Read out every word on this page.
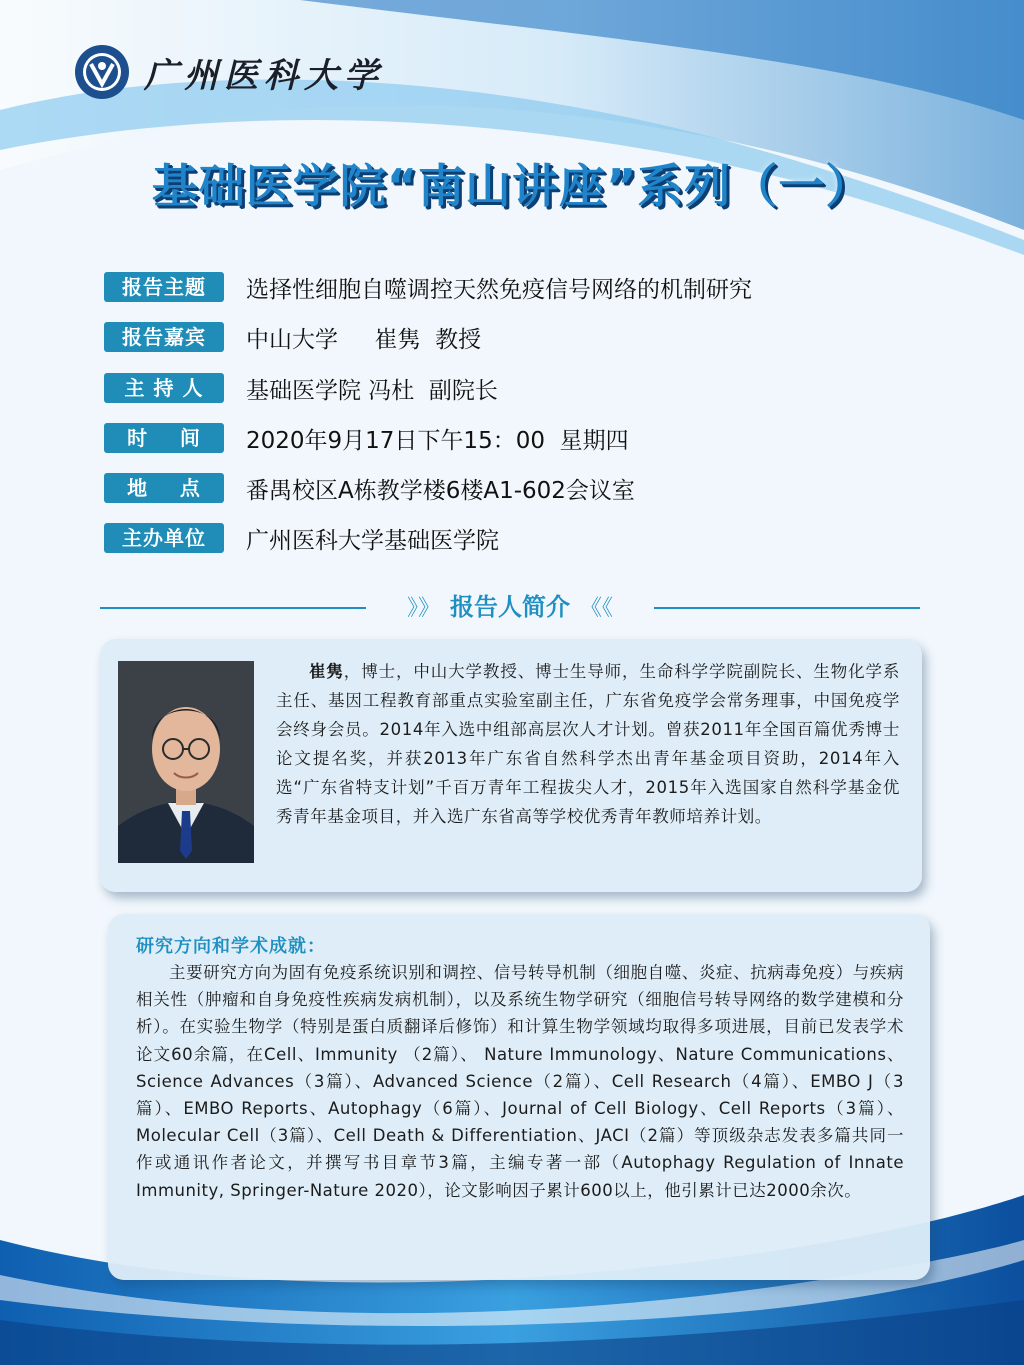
广州医科大学
基础医学院“南山讲座”系列（一）
报告主题	选择性细胞自噬调控天然免疫信号网络的机制研究
报告嘉宾	中山大学     崔隽  教授
主 持 人	基础医学院 冯杜  副院长
时    间	2020年9月17日下午15：00  星期四
地    点	番禺校区A栋教学楼6楼A1-602会议室
主办单位	广州医科大学基础医学院
》》 报告人简介 《《
崔隽，博士，中山大学教授、博士生导师，生命科学学院副院长、生物化学系主任、基因工程教育部重点实验室副主任，广东省免疫学会常务理事，中国免疫学会终身会员。2014年入选中组部高层次人才计划。曾获2011年全国百篇优秀博士论文提名奖，并获2013年广东省自然科学杰出青年基金项目资助，2014年入选“广东省特支计划”千百万青年工程拔尖人才，2015年入选国家自然科学基金优秀青年基金项目，并入选广东省高等学校优秀青年教师培养计划。
研究方向和学术成就：
主要研究方向为固有免疫系统识别和调控、信号转导机制（细胞自噬、炎症、抗病毒免疫）与疾病相关性（肿瘤和自身免疫性疾病发病机制），以及系统生物学研究（细胞信号转导网络的数学建模和分析）。在实验生物学（特别是蛋白质翻译后修饰）和计算生物学领域均取得多项进展，目前已发表学术论文60余篇，在Cell、Immunity （2篇）、 Nature Immunology、Nature Communications、Science Advances（3篇）、Advanced Science（2篇）、Cell Research（4篇）、EMBO J（3篇）、EMBO Reports、Autophagy（6篇）、Journal of Cell Biology、Cell Reports（3篇）、Molecular Cell（3篇）、Cell Death & Differentiation、JACI（2篇）等顶级杂志发表多篇共同一作或通讯作者论文，并撰写书目章节3篇，主编专著一部（Autophagy Regulation of Innate Immunity, Springer-Nature 2020），论文影响因子累计600以上，他引累计已达2000余次。
